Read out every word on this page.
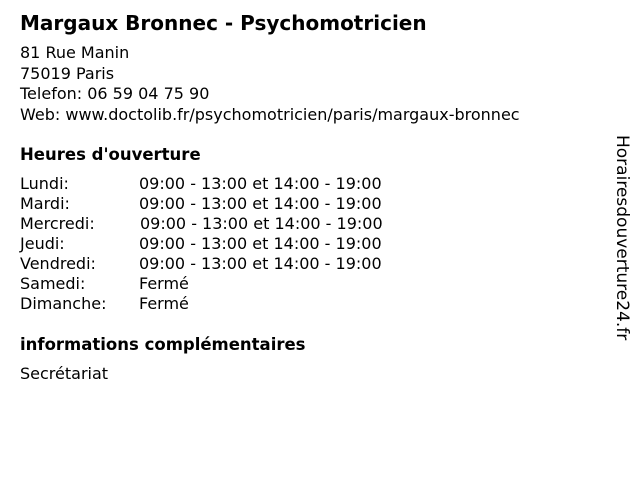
Margaux Bronnec - Psychomotricien
81 Rue Manin
75019 Paris
Telefon: 06 59 04 75 90
Web: www.doctolib.fr/psychomotricien/paris/margaux-bronnec
Heures d'ouverture
Lundi:	09:00 - 13:00 et 14:00 - 19:00
Mardi:	09:00 - 13:00 et 14:00 - 19:00
Mercredi:	09:00 - 13:00 et 14:00 - 19:00
Jeudi:	09:00 - 13:00 et 14:00 - 19:00
Vendredi:	09:00 - 13:00 et 14:00 - 19:00
Samedi:	Fermé
Dimanche: Fermé
informations complémentaires
Secrétariat
Horairesdouverture24.fr
